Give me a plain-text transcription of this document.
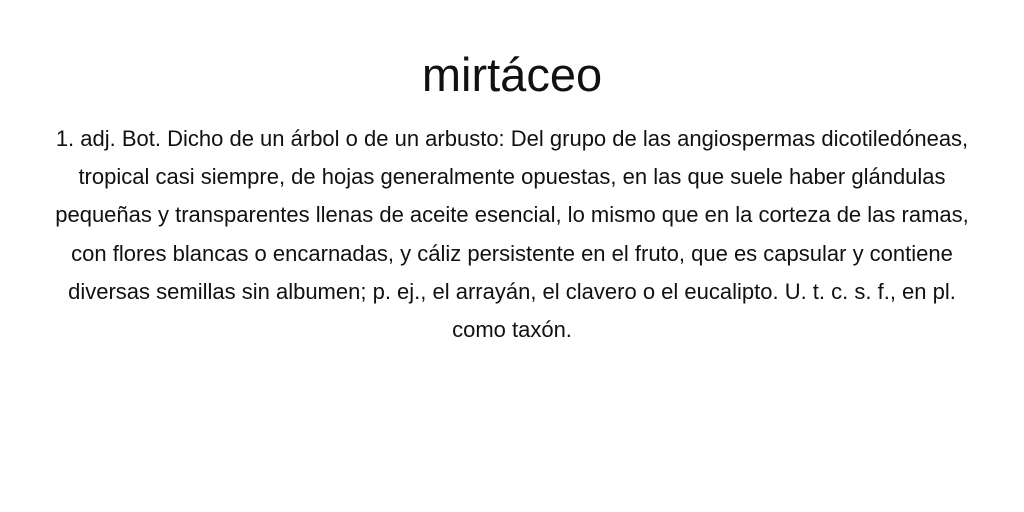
mirtáceo

1. adj. Bot. Dicho de un árbol o de un arbusto: Del grupo de las angiospermas dicotiledóneas, tropical casi siempre, de hojas generalmente opuestas, en las que suele haber glándulas pequeñas y transparentes llenas de aceite esencial, lo mismo que en la corteza de las ramas, con flores blancas o encarnadas, y cáliz persistente en el fruto, que es capsular y contiene diversas semillas sin albumen; p. ej., el arrayán, el clavero o el eucalipto. U. t. c. s. f., en pl. como taxón.
